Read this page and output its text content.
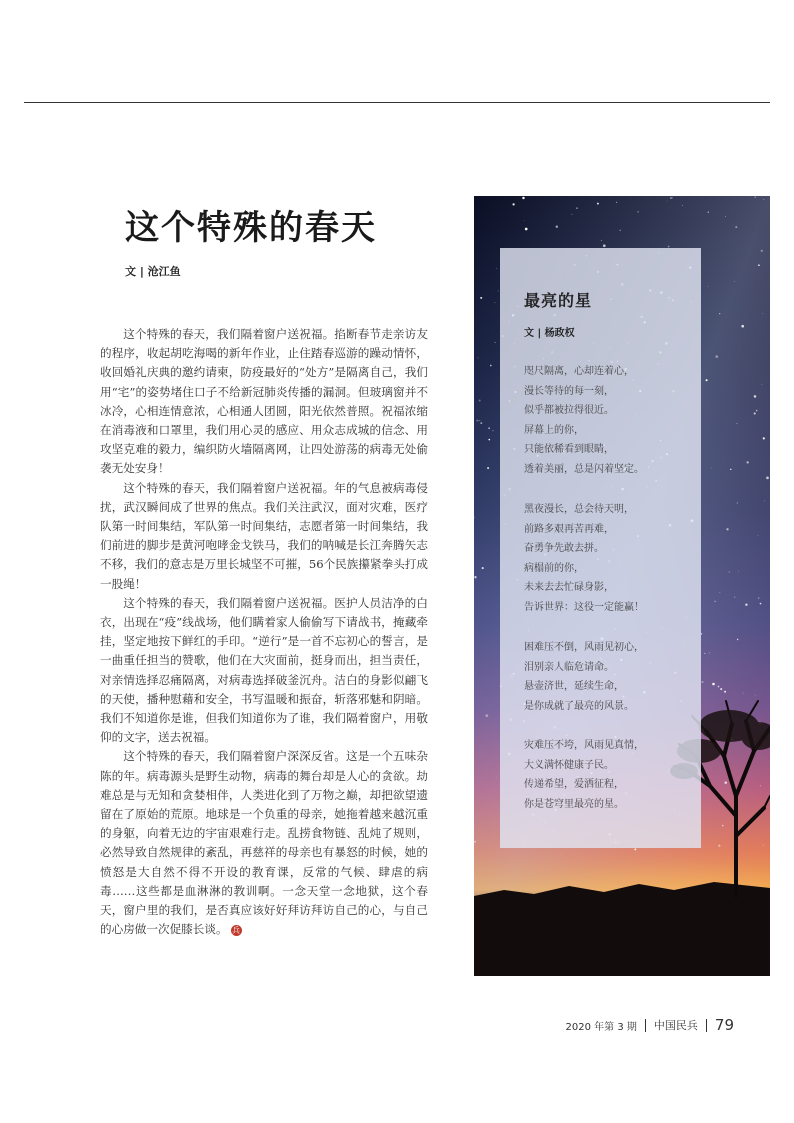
这个特殊的春天
文 | 沧江鱼

这个特殊的春天，我们隔着窗户送祝福。掐断春节走亲访友的程序，收起胡吃海喝的新年作业，止住踏春巡游的躁动情怀，收回婚礼庆典的邀约请柬，防疫最好的“处方”是隔离自己，我们用“宅”的姿势堵住口子不给新冠肺炎传播的漏洞。但玻璃窗并不冰冷，心相连情意浓，心相通人团圆，阳光依然普照。祝福浓缩在消毒液和口罩里，我们用心灵的感应、用众志成城的信念、用攻坚克难的毅力，编织防火墙隔离网，让四处游荡的病毒无处偷袭无处安身！

这个特殊的春天，我们隔着窗户送祝福。年的气息被病毒侵扰，武汉瞬间成了世界的焦点。我们关注武汉，面对灾难，医疗队第一时间集结，军队第一时间集结，志愿者第一时间集结，我们前进的脚步是黄河咆哮金戈铁马，我们的呐喊是长江奔腾矢志不移，我们的意志是万里长城坚不可摧，56个民族攥紧拳头打成一股绳！

这个特殊的春天，我们隔着窗户送祝福。医护人员洁净的白衣，出现在“疫”线战场，他们瞒着家人偷偷写下请战书，掩藏牵挂，坚定地按下鲜红的手印。“逆行”是一首不忘初心的誓言，是一曲重任担当的赞歌，他们在大灾面前，挺身而出，担当责任，对亲情选择忍痛隔离，对病毒选择破釜沉舟。洁白的身影似翩飞的天使，播种慰藉和安全，书写温暖和振奋，斩落邪魅和阴暗。我们不知道你是谁，但我们知道你为了谁，我们隔着窗户，用敬仰的文字，送去祝福。

这个特殊的春天，我们隔着窗户深深反省。这是一个五味杂陈的年。病毒源头是野生动物，病毒的舞台却是人心的贪欲。劫难总是与无知和贪婪相伴，人类进化到了万物之巅，却把欲望遗留在了原始的荒原。地球是一个负重的母亲，她拖着越来越沉重的身躯，向着无边的宇宙艰难行走。乱捞食物链、乱炖了规则，必然导致自然规律的紊乱，再慈祥的母亲也有暴怒的时候，她的愤怒是大自然不得不开设的教育课，反常的气候、肆虐的病毒……这些都是血淋淋的教训啊。一念天堂一念地狱，这个春天，窗户里的我们，是否真应该好好拜访拜访自己的心，与自己的心房做一次促膝长谈。 兵

最亮的星
文 | 杨政权
咫尺隔离，心却连着心，
漫长等待的每一刻，
似乎都被拉得很近。
屏幕上的你，
只能依稀看到眼睛，
透着美丽，总是闪着坚定。
黑夜漫长，总会待天明，
前路多艰再苦再难，
奋勇争先敢去拼。
病榻前的你，
未来去去忙碌身影，
告诉世界：这役一定能赢！
困难压不倒，风雨见初心，
泪别亲人临危请命。
悬壶济世，延续生命，
是你成就了最亮的风景。
灾难压不垮，风雨见真情，
大义满怀健康子民。
传递希望，爱洒征程，
你是苍穹里最亮的星。
2020 年第 3 期 中国民兵 79
